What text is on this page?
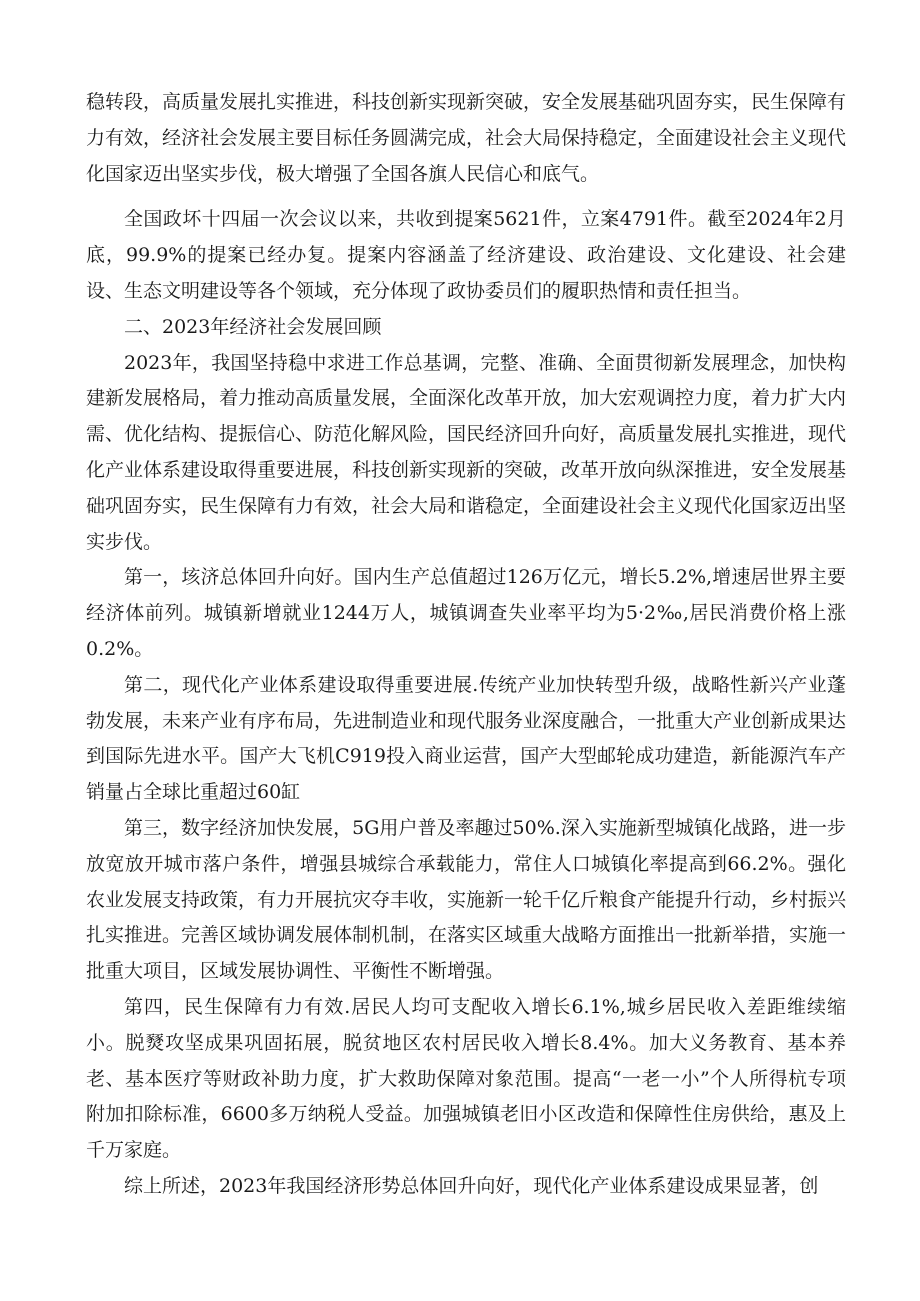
稳转段，高质量发展扎实推进，科技创新实现新突破，安全发展基础巩固夯实，民生保障有力有效，经济社会发展主要目标任务圆满完成，社会大局保持稳定，全面建设社会主义现代化国家迈出坚实步伐，极大增强了全国各旗人民信心和底气。

全国政坏十四届一次会议以来，共收到提案5621件，立案4791件。截至2024年2月底，99.9%的提案已经办复。提案内容涵盖了经济建设、政治建设、文化建设、社会建设、生态文明建设等各个领域，充分体现了政协委员们的履职热情和责任担当。

二、2023年经济社会发展回顾

2023年，我国坚持稳中求进工作总基调，完整、准确、全面贯彻新发展理念，加快构建新发展格局，着力推动高质量发展，全面深化改革开放，加大宏观调控力度，着力扩大内需、优化结构、提振信心、防范化解风险，国民经济回升向好，高质量发展扎实推进，现代化产业体系建设取得重要进展，科技创新实现新的突破，改革开放向纵深推进，安全发展基础巩固夯实，民生保障有力有效，社会大局和谐稳定，全面建设社会主义现代化国家迈出坚实步伐。

第一，垓济总体回升向好。国内生产总值超过126万亿元，增长5.2%,增速居世界主要经济体前列。城镇新增就业1244万人，城镇调查失业率平均为5·2‰,居民消费价格上涨0.2%。

第二，现代化产业体系建设取得重要进展.传统产业加快转型升级，战略性新兴产业蓬勃发展，未来产业有序布局，先进制造业和现代服务业深度融合，一批重大产业创新成果达到国际先进水平。国产大飞机C919投入商业运营，国产大型邮轮成功建造，新能源汽车产销量占全球比重超过60缸

第三，数字经济加快发展，5G用户普及率趣过50%.深入实施新型城镇化战路，进一步放宽放开城市落户条件，增强县城综合承载能力，常住人口城镇化率提高到66.2%。强化农业发展支持政策，有力开展抗灾夺丰收，实施新一轮千亿斤粮食产能提升行动，乡村振兴扎实推进。完善区域协调发展体制机制，在落实区域重大战略方面推出一批新举措，实施一批重大项目，区域发展协调性、平衡性不断增强。

第四，民生保障有力有效.居民人均可支配收入增长6.1%,城乡居民收入差距维续缩小。脱燹攻坚成果巩固拓展，脱贫地区农村居民收入增长8.4%。加大义务教育、基本养老、基本医疗等财政补助力度，扩大救助保障对象范围。提高“一老一小”个人所得杭专项附加扣除标准，6600多万纳税人受益。加强城镇老旧小区改造和保障性住房供给，惠及上千万家庭。

综上所述，2023年我国经济形势总体回升向好，现代化产业体系建设成果显著，创
